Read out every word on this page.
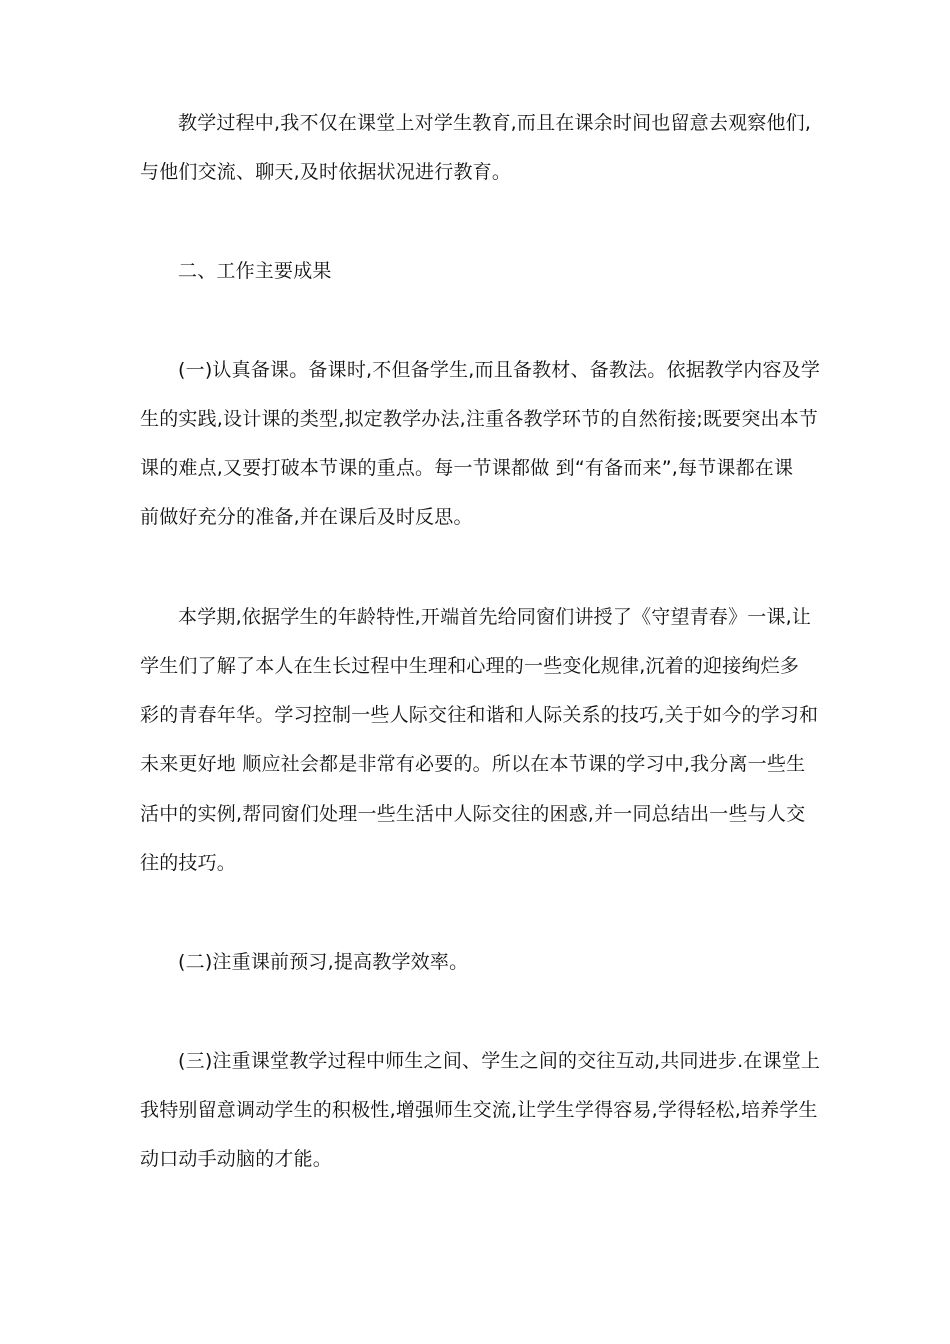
教学过程中,我不仅在课堂上对学生教育,而且在课余时间也留意去观察他们,
与他们交流、聊天,及时依据状况进行教育。
二、工作主要成果
(一)认真备课。备课时,不但备学生,而且备教材、备教法。依据教学内容及学
生的实践,设计课的类型,拟定教学办法,注重各教学环节的自然衔接;既要突出本节
课的难点,又要打破本节课的重点。每一节课都做 到“有备而来”,每节课都在课
前做好充分的准备,并在课后及时反思。
本学期,依据学生的年龄特性,开端首先给同窗们讲授了《守望青春》一课,让
学生们了解了本人在生长过程中生理和心理的一些变化规律,沉着的迎接绚烂多
彩的青春年华。学习控制一些人际交往和谐和人际关系的技巧,关于如今的学习和
未来更好地 顺应社会都是非常有必要的。所以在本节课的学习中,我分离一些生
活中的实例,帮同窗们处理一些生活中人际交往的困惑,并一同总结出一些与人交
往的技巧。
(二)注重课前预习,提高教学效率。
(三)注重课堂教学过程中师生之间、学生之间的交往互动,共同进步.在课堂上
我特别留意调动学生的积极性,增强师生交流,让学生学得容易,学得轻松,培养学生
动口动手动脑的才能。
